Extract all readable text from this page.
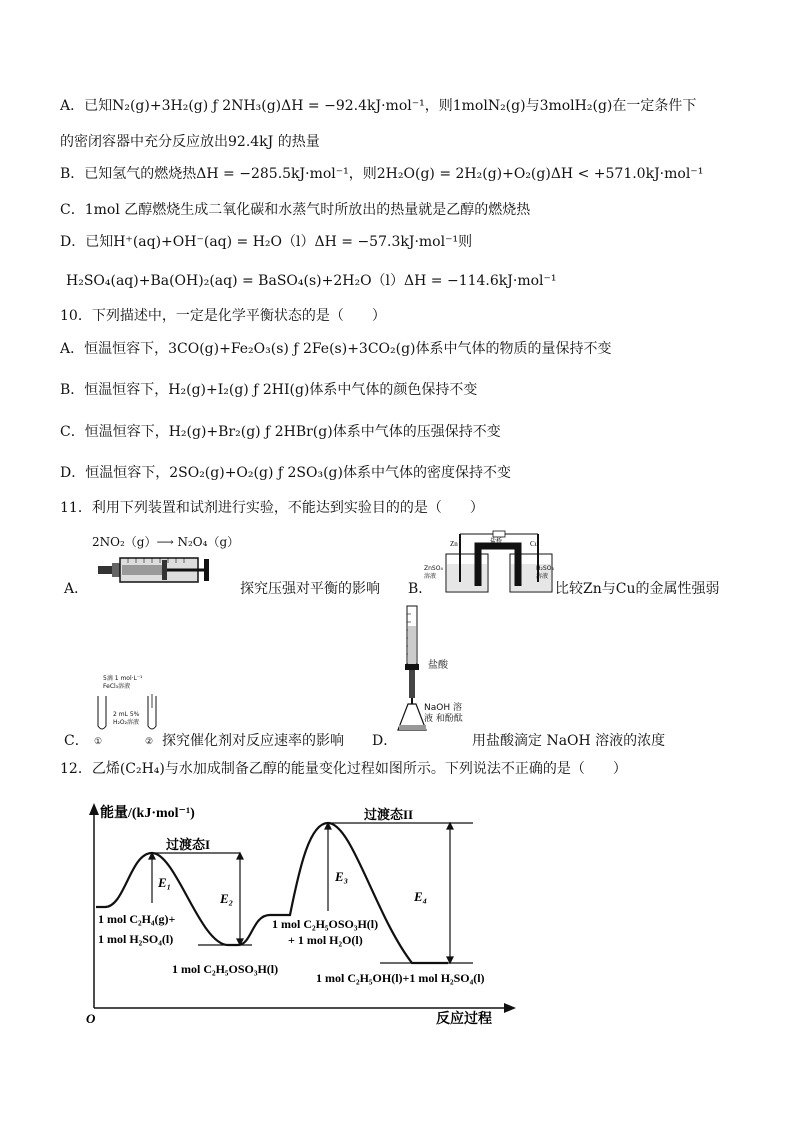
A．已知N₂(g)+3H₂(g) ƒ 2NH₃(g)ΔH = −92.4kJ·mol⁻¹，则1molN₂(g)与3molH₂(g)在一定条件下
的密闭容器中充分反应放出92.4kJ 的热量
B．已知氢气的燃烧热ΔH = −285.5kJ·mol⁻¹，则2H₂O(g) = 2H₂(g)+O₂(g)ΔH < +571.0kJ·mol⁻¹
C．1mol 乙醇燃烧生成二氧化碳和水蒸气时所放出的热量就是乙醇的燃烧热
D．已知H⁺(aq)+OH⁻(aq) = H₂O（l）ΔH = −57.3kJ·mol⁻¹则
H₂SO₄(aq)+Ba(OH)₂(aq) = BaSO₄(s)+2H₂O（l）ΔH = −114.6kJ·mol⁻¹
10．下列描述中，一定是化学平衡状态的是（　　）
A．恒温恒容下，3CO(g)+Fe₂O₃(s) ƒ 2Fe(s)+3CO₂(g)体系中气体的物质的量保持不变
B．恒温恒容下，H₂(g)+I₂(g) ƒ 2HI(g)体系中气体的颜色保持不变
C．恒温恒容下，H₂(g)+Br₂(g) ƒ 2HBr(g)体系中气体的压强保持不变
D．恒温恒容下，2SO₂(g)+O₂(g) ƒ 2SO₃(g)体系中气体的密度保持不变
11．利用下列装置和试剂进行实验，不能达到实验目的的是（　　）
2NO₂（g）⟶ N₂O₄（g）
A．	探究压强对平衡的影响 B．
Zn	Cu
盐桥
ZnSO₄ 溶液
H₂SO₄ 溶液
比较Zn与Cu的金属性强弱
盐酸
NaOH 溶液 和酚酞
D．	用盐酸滴定 NaOH 溶液的浓度
5滴 1 mol·L⁻¹ FeCl₃溶液
2 mL 5% H₂O₂溶液
①	②
C．	探究催化剂对反应速率的影响
12．乙烯(C₂H₄)与水加成制备乙醇的能量变化过程如图所示。下列说法不正确的是（　　）
能量/(kJ·mol⁻¹)
O	反应过程
过渡态I
过渡态II
E₁
E₂
E₃
E₄
1 mol C₂H₄(g)+
1 mol H₂SO₄(l)
1 mol C₂H₅OSO₃H(l)
1 mol C₂H₅OSO₃H(l)
+ 1 mol H₂O(l)
1 mol C₂H₅OH(l)+1 mol H₂SO₄(l)
